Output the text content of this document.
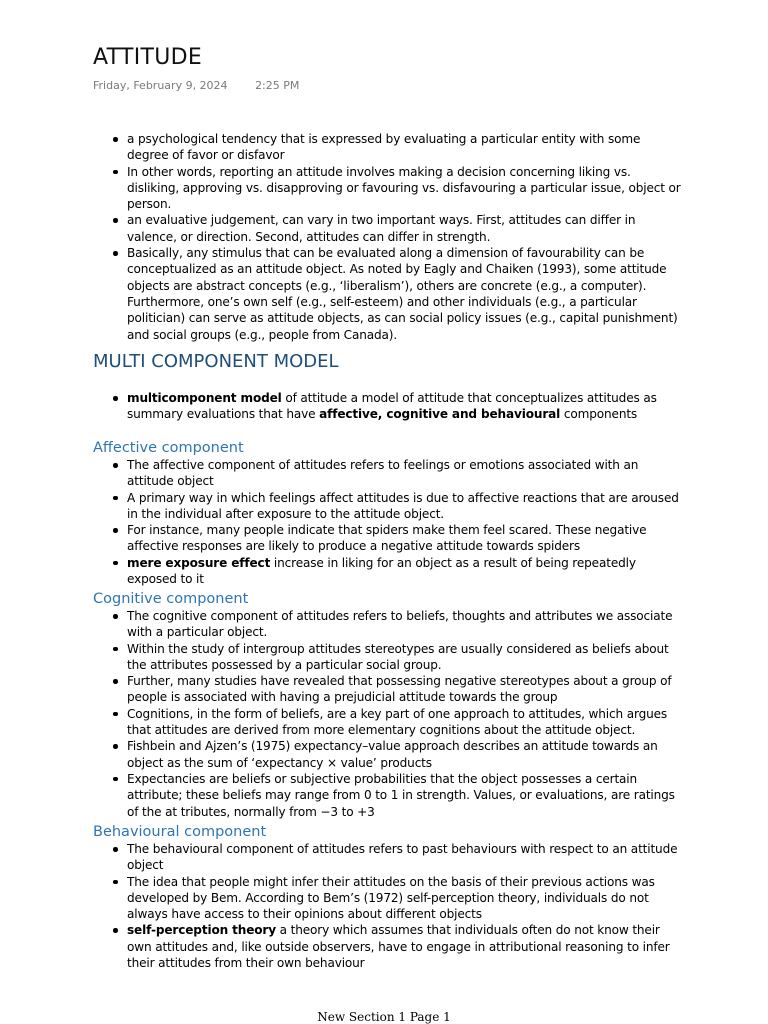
ATTITUDE
Friday, February 9, 2024	2:25 PM
a psychological tendency that is expressed by evaluating a particular entity with some degree of favor or disfavor
In other words, reporting an attitude involves making a decision concerning liking vs. disliking, approving vs. disapproving or favouring vs. disfavouring a particular issue, object or person.
an evaluative judgement, can vary in two important ways. First, attitudes can differ in valence, or direction. Second, attitudes can differ in strength.
Basically, any stimulus that can be evaluated along a dimension of favourability can be conceptualized as an attitude object. As noted by Eagly and Chaiken (1993), some attitude objects are abstract concepts (e.g., ‘liberalism’), others are concrete (e.g., a computer). Furthermore, one’s own self (e.g., self-esteem) and other individuals (e.g., a particular politician) can serve as attitude objects, as can social policy issues (e.g., capital punishment) and social groups (e.g., people from Canada).
MULTI COMPONENT MODEL
multicomponent model of attitude a model of attitude that conceptualizes attitudes as summary evaluations that have affective, cognitive and behavioural components
Affective component
The affective component of attitudes refers to feelings or emotions associated with an attitude object
A primary way in which feelings affect attitudes is due to affective reactions that are aroused in the individual after exposure to the attitude object.
For instance, many people indicate that spiders make them feel scared. These negative affective responses are likely to produce a negative attitude towards spiders
mere exposure effect increase in liking for an object as a result of being repeatedly exposed to it
Cognitive component
The cognitive component of attitudes refers to beliefs, thoughts and attributes we associate with a particular object.
Within the study of intergroup attitudes stereotypes are usually considered as beliefs about the attributes possessed by a particular social group.
Further, many studies have revealed that possessing negative stereotypes about a group of people is associated with having a prejudicial attitude towards the group
Cognitions, in the form of beliefs, are a key part of one approach to attitudes, which argues that attitudes are derived from more elementary cognitions about the attitude object.
Fishbein and Ajzen’s (1975) expectancy–value approach describes an attitude towards an object as the sum of ‘expectancy × value’ products
Expectancies are beliefs or subjective probabilities that the object possesses a certain attribute; these beliefs may range from 0 to 1 in strength. Values, or evaluations, are ratings of the at tributes, normally from −3 to +3
Behavioural component
The behavioural component of attitudes refers to past behaviours with respect to an attitude object
The idea that people might infer their attitudes on the basis of their previous actions was developed by Bem. According to Bem’s (1972) self-perception theory, individuals do not always have access to their opinions about different objects
self-perception theory a theory which assumes that individuals often do not know their own attitudes and, like outside observers, have to engage in attributional reasoning to infer their attitudes from their own behaviour
New Section 1 Page 1
